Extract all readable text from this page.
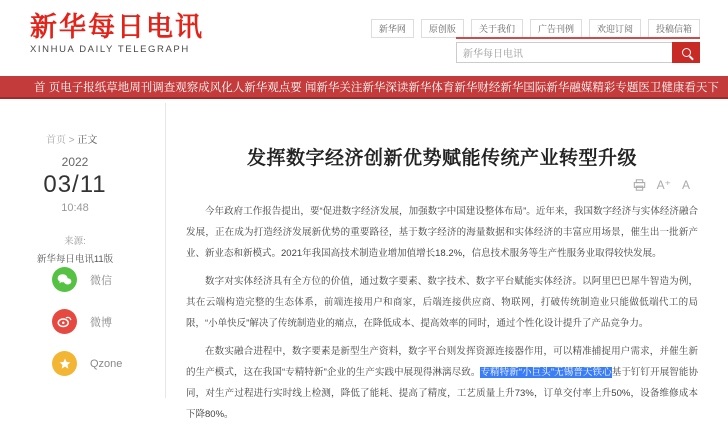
新华每日电讯
XINHUA DAILY TELEGRAPH
新华网	原创版	关于我们	广告刊例	欢迎订阅	投稿信箱
新华每日电讯
首 页 电子报纸 草地周刊 调查观察 成风化人 新华观点 要 闻 新华关注 新华深读 新华体育 新华财经 新华国际 新华融媒 精彩专题 医卫健康 看天下
首页 > 正文
2022
03/11
10:48
来源:
新华每日电讯11版
微信
微博
Qzone
发挥数字经济创新优势赋能传统产业转型升级
A⁺ A

今年政府工作报告提出，要“促进数字经济发展，加强数字中国建设整体布局”。近年来，我国数字经济与实体经济融合发展，正在成为打造经济发展新优势的重要路径，基于数字经济的海量数据和实体经济的丰富应用场景，催生出一批新产业、新业态和新模式。2021年我国高技术制造业增加值增长18.2%，信息技术服务等生产性服务业取得较快发展。

数字对实体经济具有全方位的价值，通过数字要素、数字技术、数字平台赋能实体经济。以阿里巴巴犀牛智造为例，其在云端构造完整的生态体系，前端连接用户和商家，后端连接供应商、物联网，打破传统制造业只能做低端代工的局限，“小单快反”解决了传统制造业的痛点，在降低成本、提高效率的同时，通过个性化设计提升了产品竞争力。

在数实融合进程中，数字要素是新型生产资料，数字平台则发挥资源连接器作用，可以精准捕捉用户需求，并催生新的生产模式，这在我国“专精特新”企业的生产实践中展现得淋漓尽致。专精特新“小巨头”无锡普天铁心基于钉钉开展智能协同，对生产过程进行实时线上检测，降低了能耗、提高了精度，工艺质量上升73%，订单交付率上升50%，设备维修成本下降80%。
